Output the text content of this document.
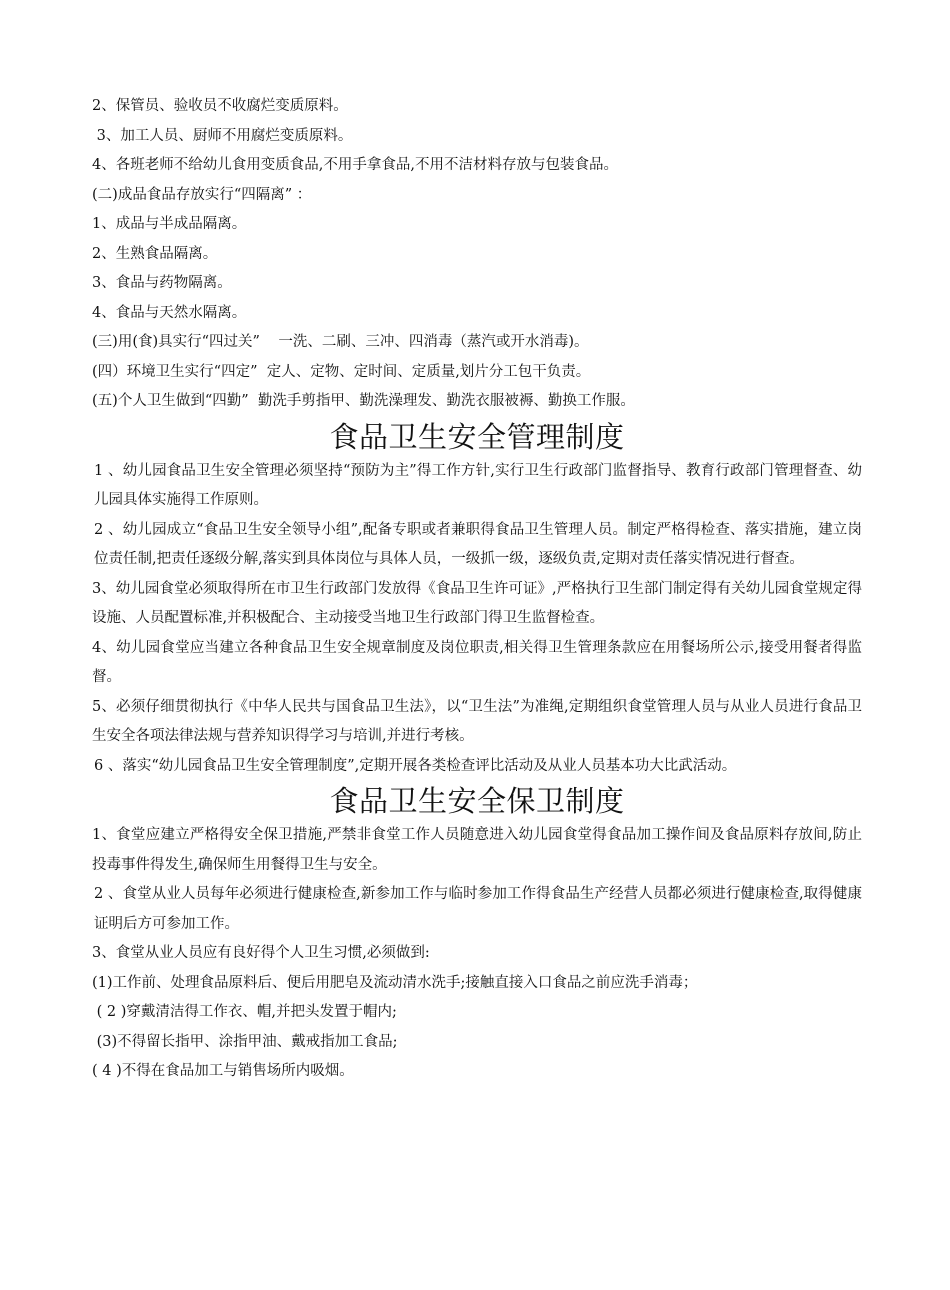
2、保管员、验收员不收腐烂变质原料。

3、加工人员、厨师不用腐烂变质原料。

4、各班老师不给幼儿食用变质食品,不用手拿食品,不用不洁材料存放与包装食品。

(二)成品食品存放实行“四隔离” ：

1、成品与半成品隔离。

2、生熟食品隔离。

3、食品与药物隔离。

4、食品与天然水隔离。

(三)用(食)具实行“四过关”    一洗、二刷、三冲、四消毒（蒸汽或开水消毒)。

(四）环境卫生实行“四定”  定人、定物、定时间、定质量,划片分工包干负责。

(五)个人卫生做到“四勤”  勤洗手剪指甲、勤洗澡理发、勤洗衣服被褥、勤换工作服。

食品卫生安全管理制度

1 、幼儿园食品卫生安全管理必须坚持“预防为主”得工作方针,实行卫生行政部门监督指导、教育行政部门管理督查、幼儿园具体实施得工作原则。

2 、幼儿园成立“食品卫生安全领导小组”,配备专职或者兼职得食品卫生管理人员。制定严格得检查、落实措施，建立岗位责任制,把责任逐级分解,落实到具体岗位与具体人员，一级抓一级，逐级负责,定期对责任落实情况进行督查。

3、幼儿园食堂必须取得所在市卫生行政部门发放得《食品卫生许可证》,严格执行卫生部门制定得有关幼儿园食堂规定得设施、人员配置标准,并积极配合、主动接受当地卫生行政部门得卫生监督检查。

4、幼儿园食堂应当建立各种食品卫生安全规章制度及岗位职责,相关得卫生管理条款应在用餐场所公示,接受用餐者得监督。

5、必须仔细贯彻执行《中华人民共与国食品卫生法》，以“卫生法”为准绳,定期组织食堂管理人员与从业人员进行食品卫生安全各项法律法规与营养知识得学习与培训,并进行考核。

6 、落实“幼儿园食品卫生安全管理制度”,定期开展各类检查评比活动及从业人员基本功大比武活动。

食品卫生安全保卫制度

1、食堂应建立严格得安全保卫措施,严禁非食堂工作人员随意进入幼儿园食堂得食品加工操作间及食品原料存放间,防止投毒事件得发生,确保师生用餐得卫生与安全。

2 、食堂从业人员每年必须进行健康检查,新参加工作与临时参加工作得食品生产经营人员都必须进行健康检查,取得健康证明后方可参加工作。

3、食堂从业人员应有良好得个人卫生习惯,必须做到:

(1)工作前、处理食品原料后、便后用肥皂及流动清水洗手;接触直接入口食品之前应洗手消毒；

( 2 )穿戴清洁得工作衣、帽,并把头发置于帽内;

(3)不得留长指甲、涂指甲油、戴戒指加工食品;

( 4 )不得在食品加工与销售场所内吸烟。
